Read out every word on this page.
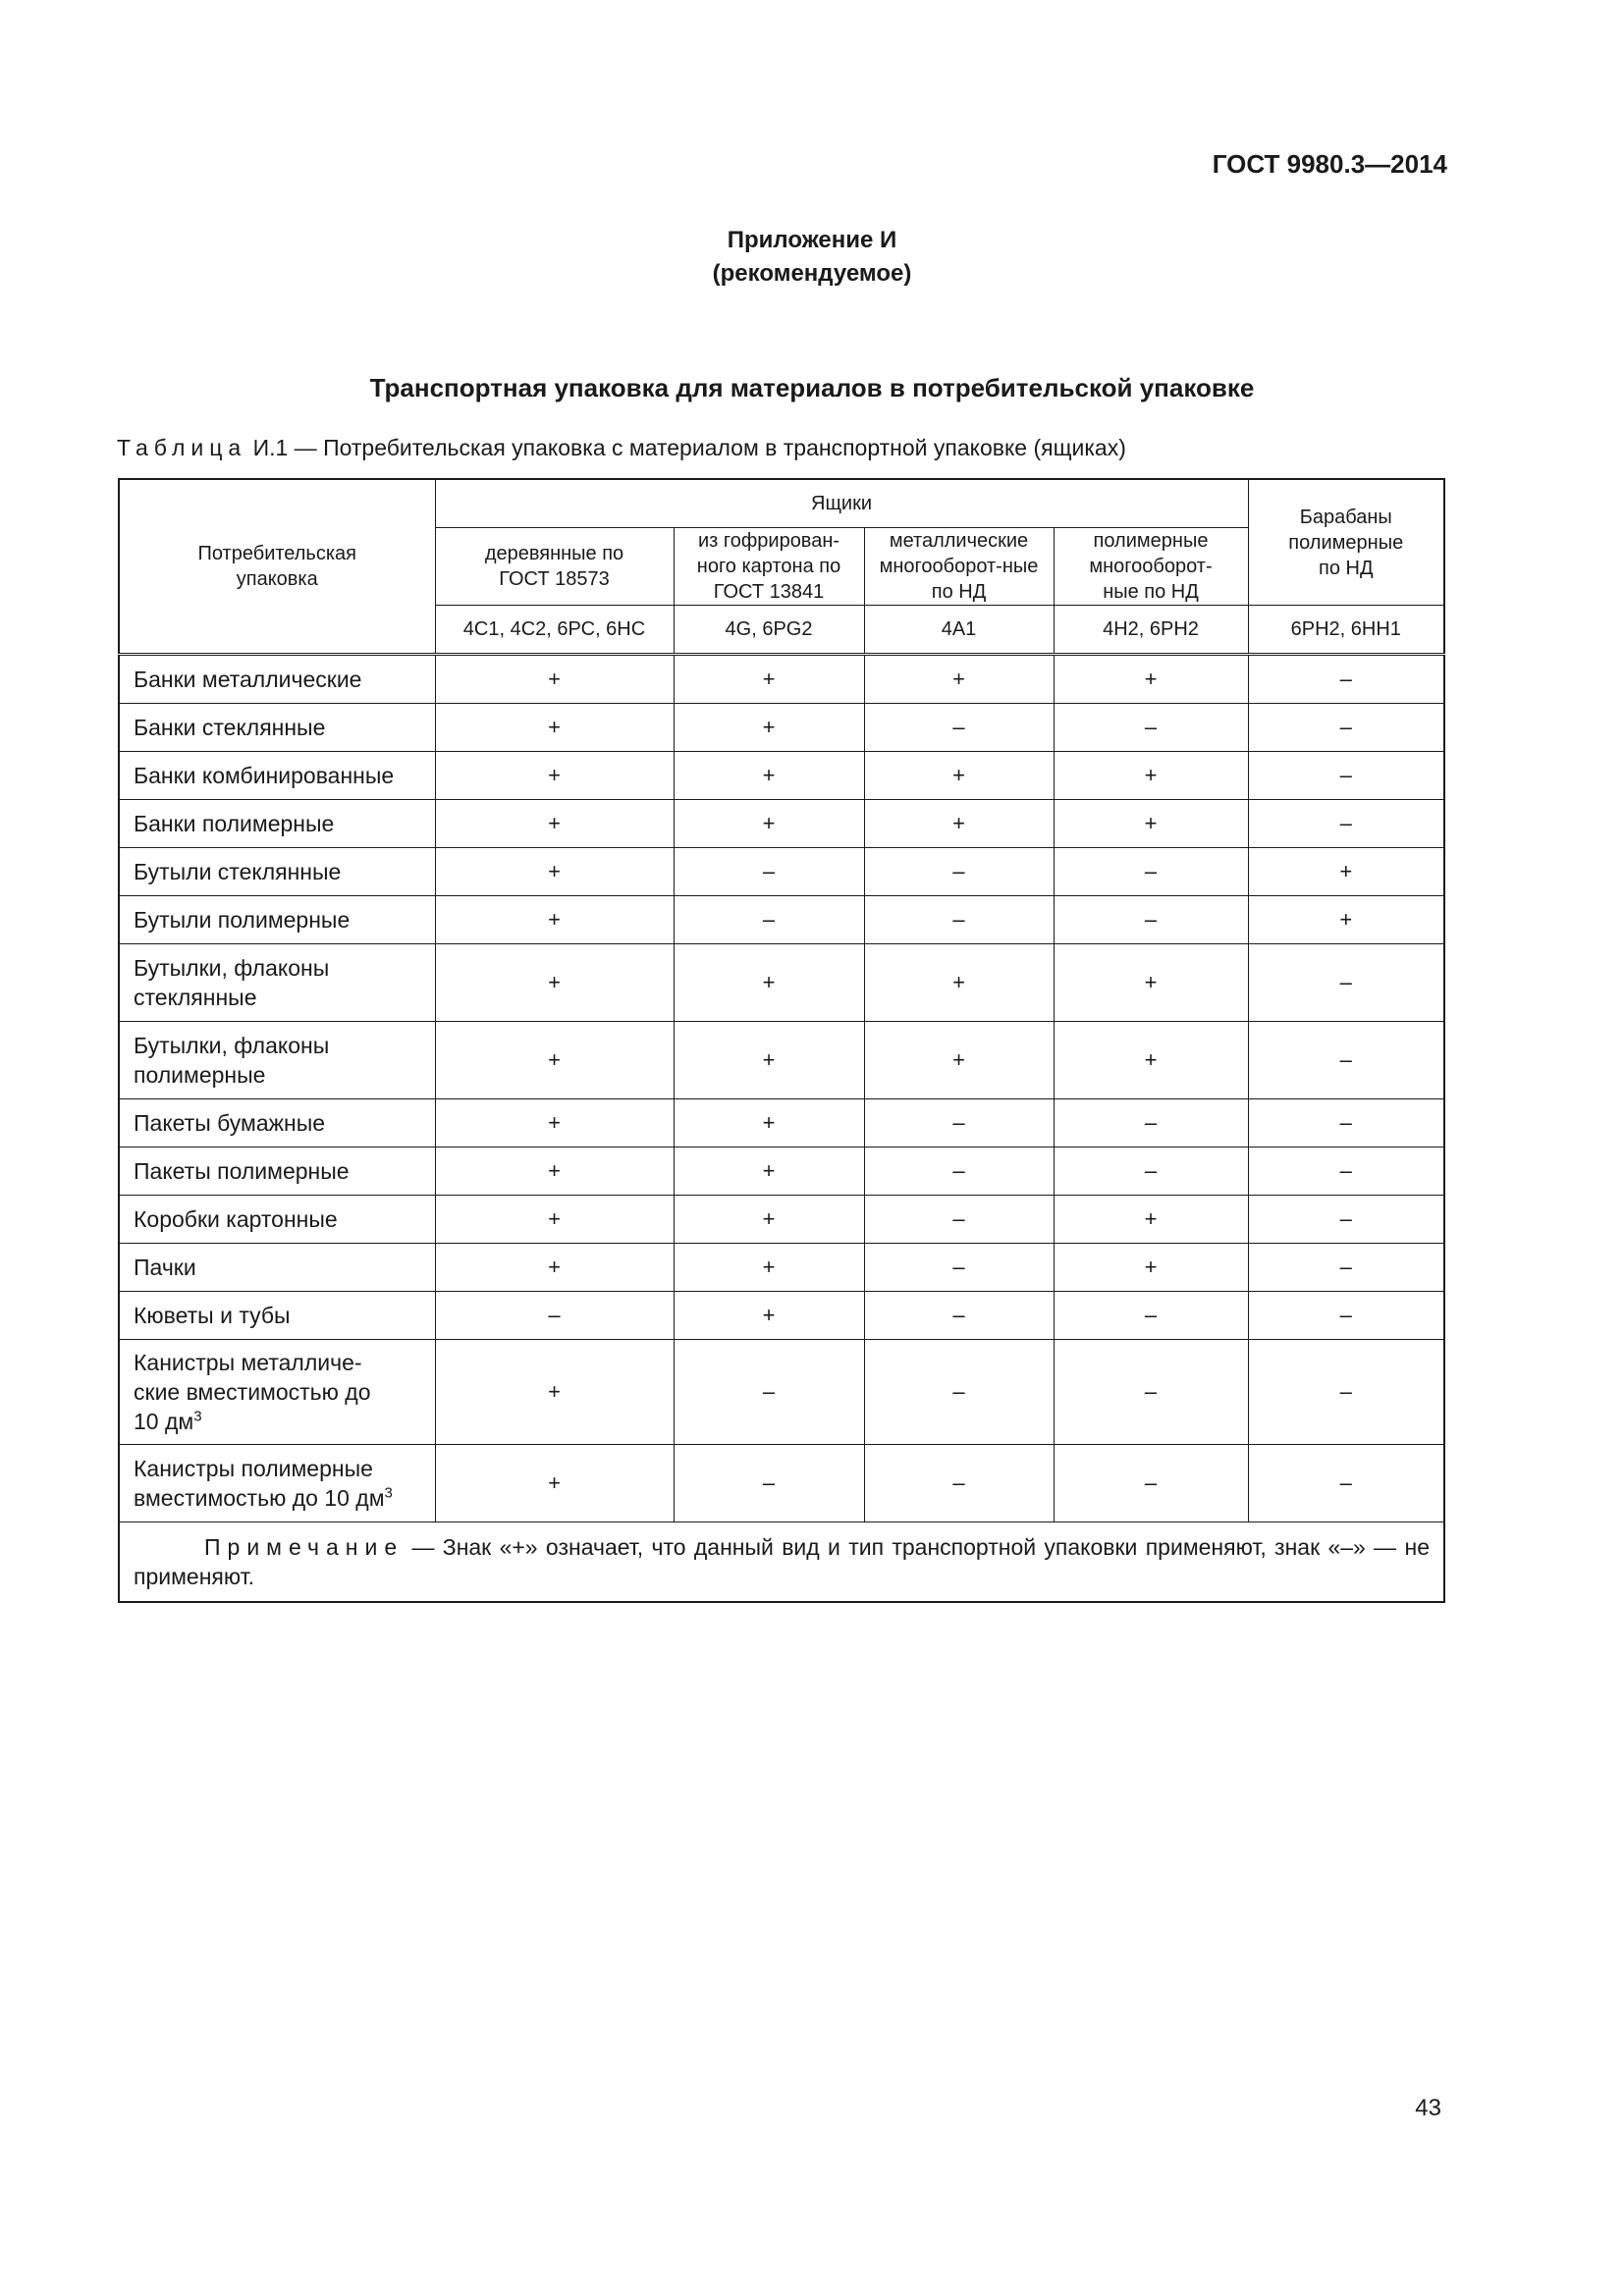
ГОСТ 9980.3—2014
Приложение И
(рекомендуемое)
Транспортная упаковка для материалов в потребительской упаковке
Таблица И.1 — Потребительская упаковка с материалом в транспортной упаковке (ящиках)
Потребительская упаковка	Ящики				Барабаны полимерные по НД
	деревянные по ГОСТ 18573	из гофрирован-ного картона по ГОСТ 13841	металлические многооборот-ные по НД	полимерные многооборот-ные по НД	
	4С1, 4С2, 6РС, 6НС	4G, 6PG2	4А1	4Н2, 6РН2	6РН2, 6НН1
Банки металлические	+	+	+	+	–
Банки стеклянные	+	+	–	–	–
Банки комбинированные	+	+	+	+	–
Банки полимерные	+	+	+	+	–
Бутыли стеклянные	+	–	–	–	+
Бутыли полимерные	+	–	–	–	+
Бутылки, флаконы стеклянные	+	+	+	+	–
Бутылки, флаконы полимерные	+	+	+	+	–
Пакеты бумажные	+	+	–	–	–
Пакеты полимерные	+	+	–	–	–
Коробки картонные	+	+	–	+	–
Пачки	+	+	–	+	–
Кюветы и тубы	–	+	–	–	–
Канистры металличе-ские вместимостью до 10 $дм^3$	+	–	–	–	–
Канистры полимерные вместимостью до 10 $дм^3$	+	–	–	–	–
Примечание — Знак «+» означает, что данный вид и тип транспортной упаковки применяют, знак «–» — не применяют.					
43
